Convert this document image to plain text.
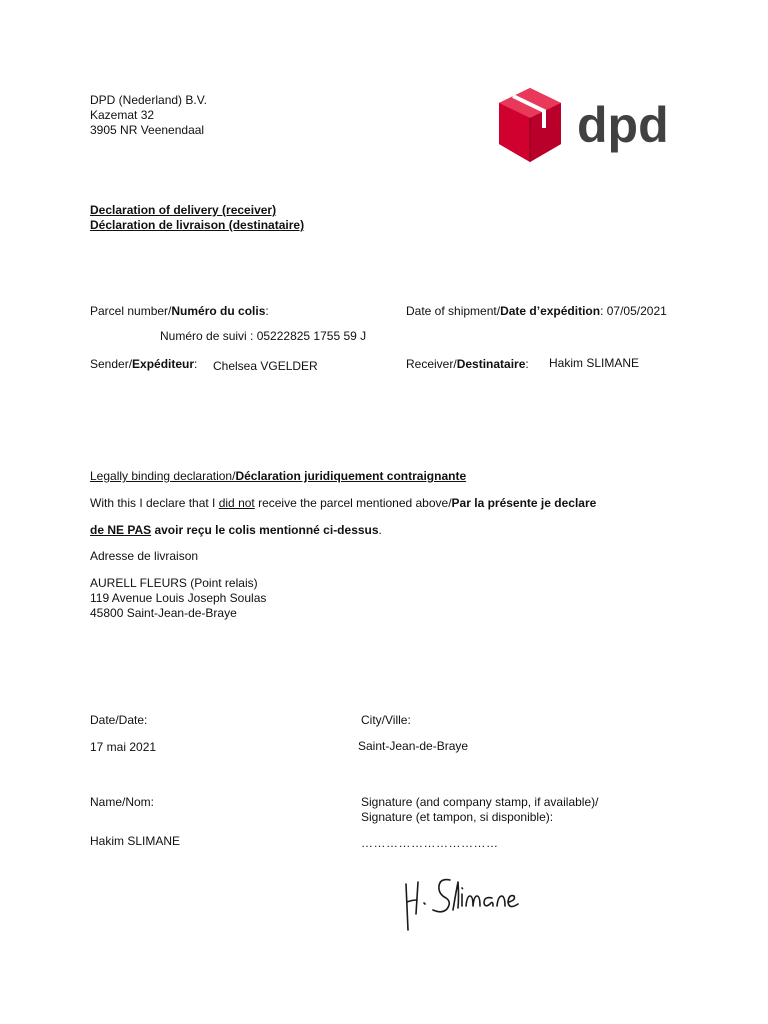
DPD (Nederland) B.V.
Kazemat 32
3905 NR Veenendaal	dpd
Declaration of delivery (receiver)
Déclaration de livraison (destinataire)
Parcel number/Numéro du colis:
Numéro de suivi : 05222825 1755 59 J
Date of shipment/Date d’expédition: 07/05/2021
Sender/Expéditeur: Chelsea VGELDER	Receiver/Destinataire: Hakim SLIMANE
Legally binding declaration/Déclaration juridiquement contraignante
With this I declare that I did not receive the parcel mentioned above/Par la présente je declare
de NE PAS avoir reçu le colis mentionné ci-dessus.
Adresse de livraison
AURELL FLEURS (Point relais)
119 Avenue Louis Joseph Soulas
45800 Saint-Jean-de-Braye
Date/Date:
17 mai 2021
City/Ville:
Saint-Jean-de-Braye
Name/Nom:
Hakim SLIMANE
Signature (and company stamp, if available)/
Signature (et tampon, si disponible):
……………………………
